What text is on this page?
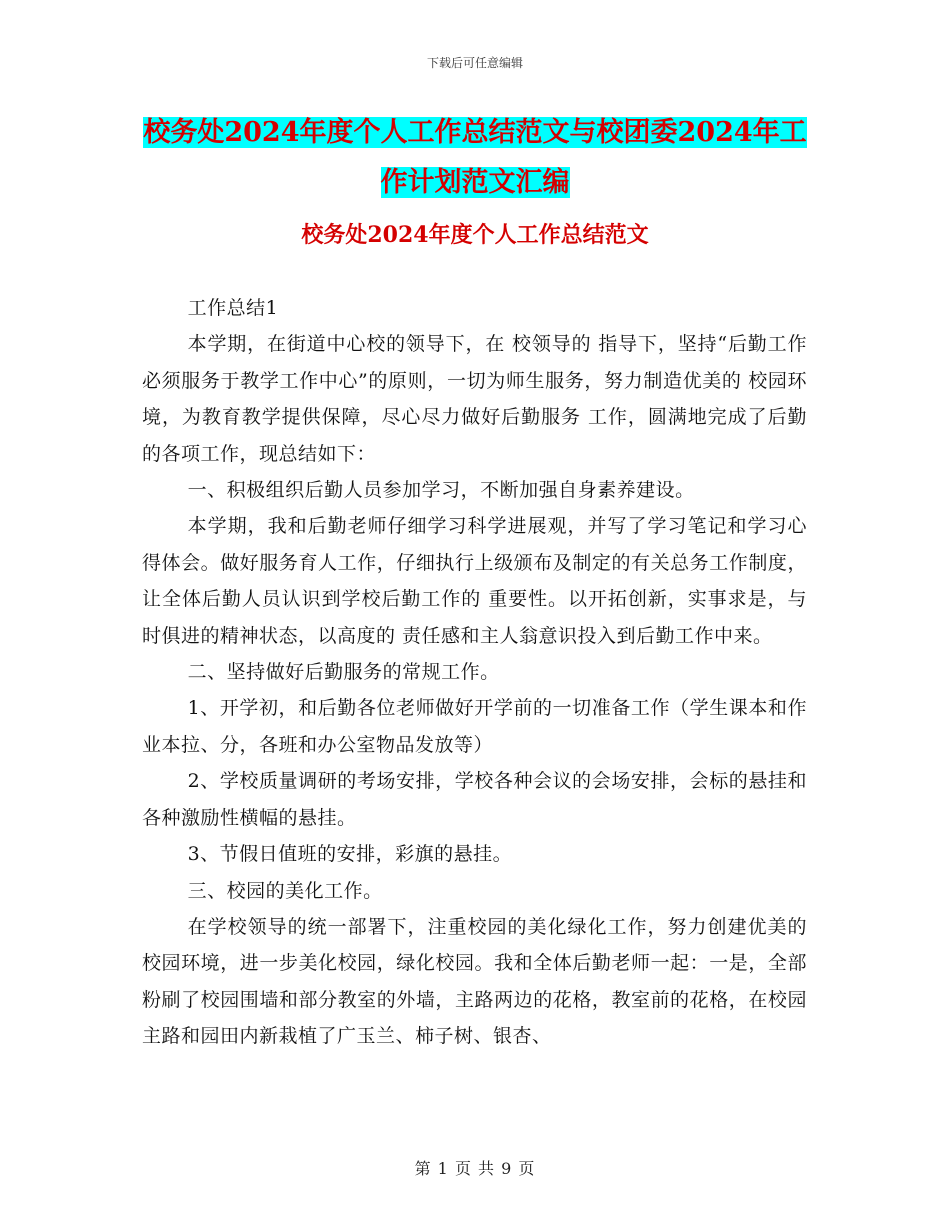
下载后可任意编辑
校务处2024年度个人工作总结范文与校团委2024年工作计划范文汇编
校务处2024年度个人工作总结范文

工作总结1

本学期，在街道中心校的领导下，在 校领导的 指导下，坚持“后勤工作必须服务于教学工作中心”的原则，一切为师生服务，努力制造优美的 校园环境，为教育教学提供保障，尽心尽力做好后勤服务 工作，圆满地完成了后勤的各项工作，现总结如下：

一、积极组织后勤人员参加学习，不断加强自身素养建设。

本学期，我和后勤老师仔细学习科学进展观，并写了学习笔记和学习心得体会。做好服务育人工作，仔细执行上级颁布及制定的有关总务工作制度，让全体后勤人员认识到学校后勤工作的 重要性。以开拓创新，实事求是，与时俱进的精神状态，以高度的 责任感和主人翁意识投入到后勤工作中来。

二、坚持做好后勤服务的常规工作。

1、开学初，和后勤各位老师做好开学前的一切准备工作（学生课本和作业本拉、分，各班和办公室物品发放等）

2、学校质量调研的考场安排，学校各种会议的会场安排，会标的悬挂和各种激励性横幅的悬挂。

3、节假日值班的安排，彩旗的悬挂。

三、校园的美化工作。

在学校领导的统一部署下，注重校园的美化绿化工作，努力创建优美的校园环境，进一步美化校园，绿化校园。我和全体后勤老师一起：一是，全部粉刷了校园围墙和部分教室的外墙，主路两边的花格，教室前的花格，在校园主路和园田内新栽植了广玉兰、柿子树、银杏、

第 1 页 共 9 页
